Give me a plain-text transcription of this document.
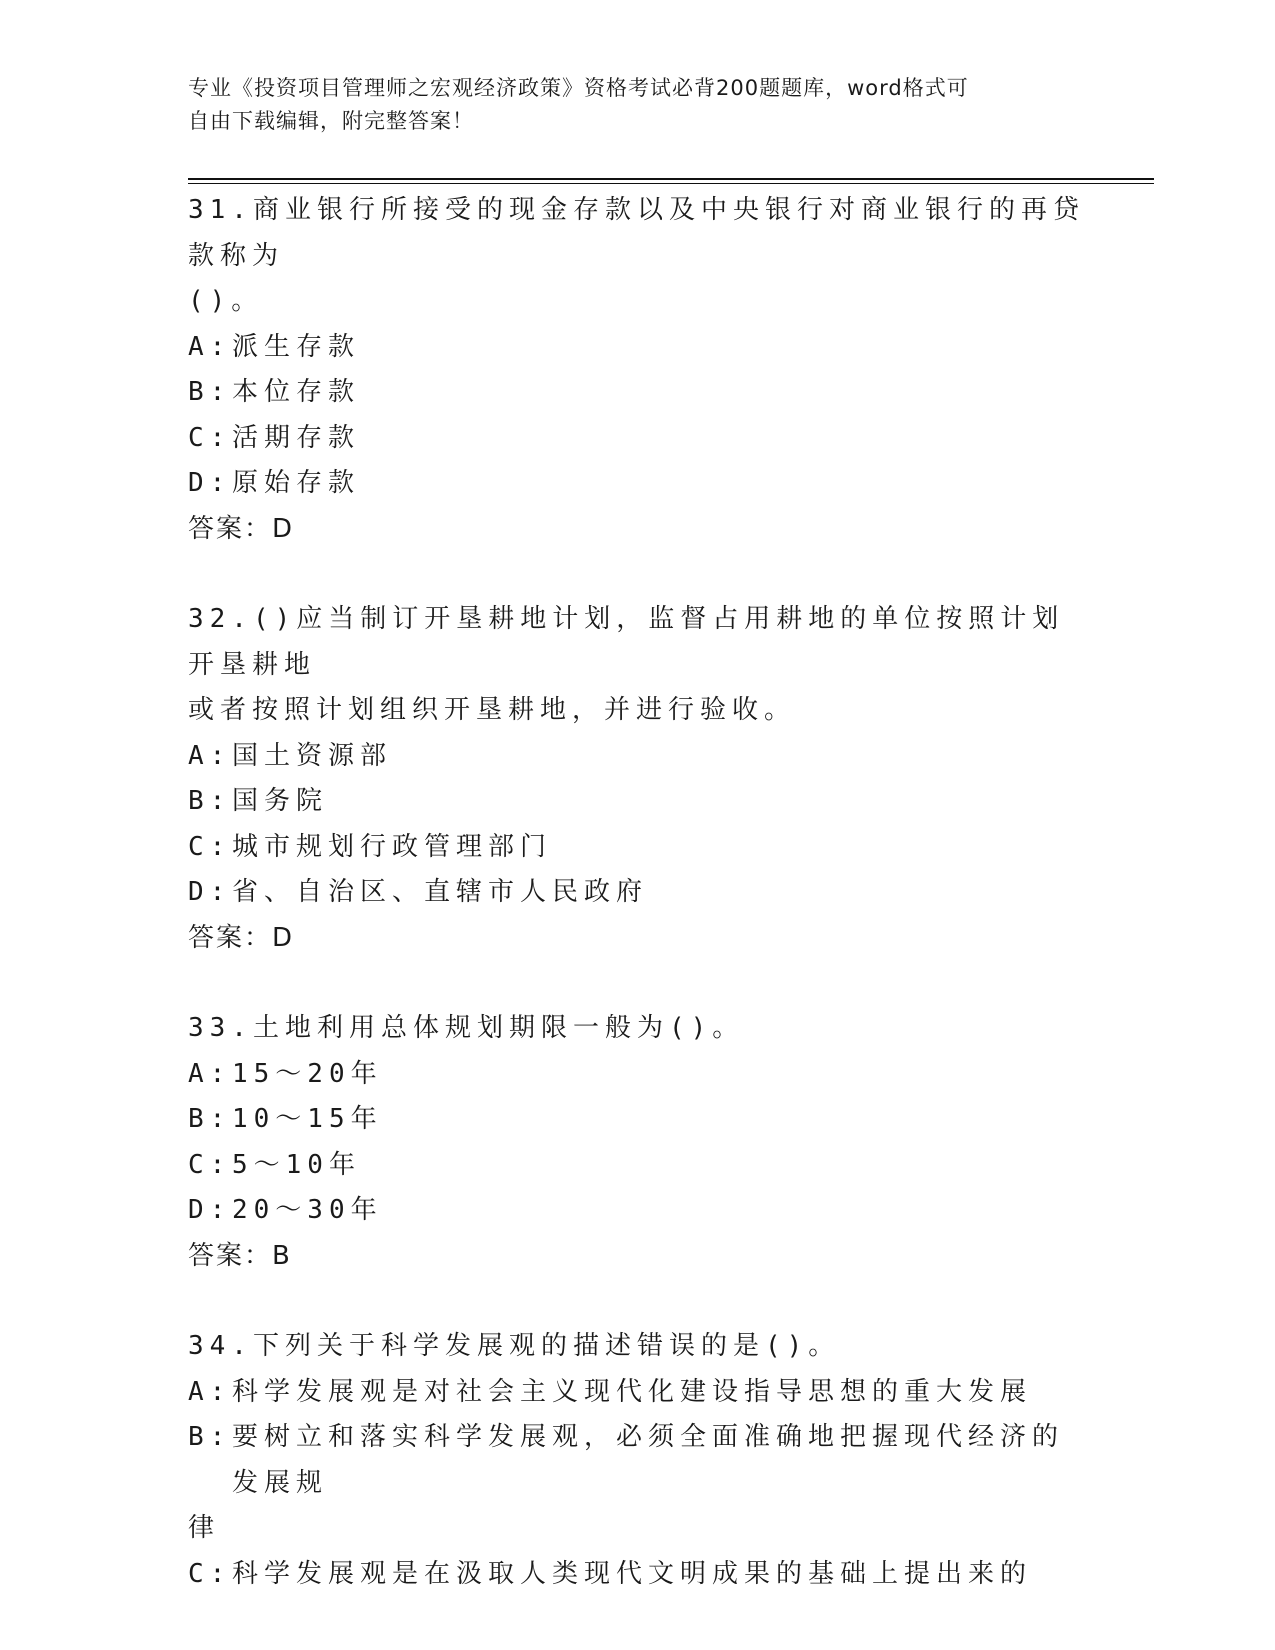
专业《投资项目管理师之宏观经济政策》资格考试必背200题题库，word格式可
自由下载编辑，附完整答案！
31.商业银行所接受的现金存款以及中央银行对商业银行的再贷款称为
()。
A: 派生存款
B: 本位存款
C: 活期存款
D: 原始存款
答案：D
32.()应当制订开垦耕地计划，监督占用耕地的单位按照计划开垦耕地
或者按照计划组织开垦耕地，并进行验收。
A: 国土资源部
B: 国务院
C: 城市规划行政管理部门
D: 省、自治区、直辖市人民政府
答案：D
33.土地利用总体规划期限一般为()。
A: 15～20年
B: 10～15年
C: 5～10年
D: 20～30年
答案：B
34.下列关于科学发展观的描述错误的是()。
A: 科学发展观是对社会主义现代化建设指导思想的重大发展
B: 要树立和落实科学发展观，必须全面准确地把握现代经济的发展规
律
C: 科学发展观是在汲取人类现代文明成果的基础上提出来的
